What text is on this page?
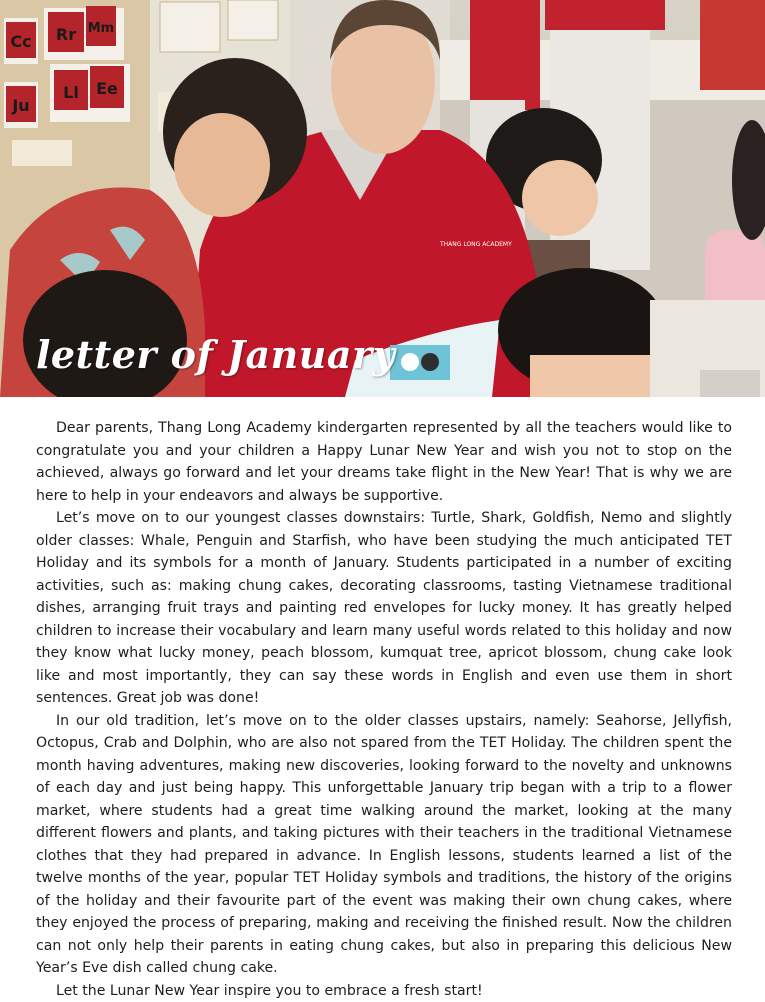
Cc Rr Mm
Ju
Ll Ee
THANG LONG ACADEMY
letter of January

Dear parents, Thang Long Academy kindergarten represented by all the teachers would like to congratulate you and your children a Happy Lunar New Year and wish you not to stop on the achieved, always go forward and let your dreams take flight in the New Year! That is why we are here to help in your endeavors and always be supportive.

Let’s move on to our youngest classes downstairs: Turtle, Shark, Goldfish, Nemo and slightly older classes: Whale, Penguin and Starfish, who have been studying the much anticipated TET Holiday and its symbols for a month of January. Students participated in a number of exciting activities, such as: making chung cakes, decorating classrooms, tasting Vietnamese traditional dishes, arranging fruit trays and painting red envelopes for lucky money. It has greatly helped children to increase their vocabulary and learn many useful words related to this holiday and now they know what lucky money, peach blossom, kumquat tree, apricot blossom, chung cake look like and most importantly, they can say these words in English and even use them in short sentences. Great job was done!

In our old tradition, let’s move on to the older classes upstairs, namely: Seahorse, Jellyfish, Octopus, Crab and Dolphin, who are also not spared from the TET Holiday. The children spent the month having adventures, making new discoveries, looking forward to the novelty and unknowns of each day and just being happy. This unforgettable January trip began with a trip to a flower market, where students had a great time walking around the market, looking at the many different flowers and plants, and taking pictures with their teachers in the traditional Vietnamese clothes that they had prepared in advance. In English lessons, students learned a list of the twelve months of the year, popular TET Holiday symbols and traditions, the history of the origins of the holiday and their favourite part of the event was making their own chung cakes, where they enjoyed the process of preparing, making and receiving the finished result. Now the children can not only help their parents in eating chung cakes, but also in preparing this delicious New Year’s Eve dish called chung cake.

Let the Lunar New Year inspire you to embrace a fresh start!
